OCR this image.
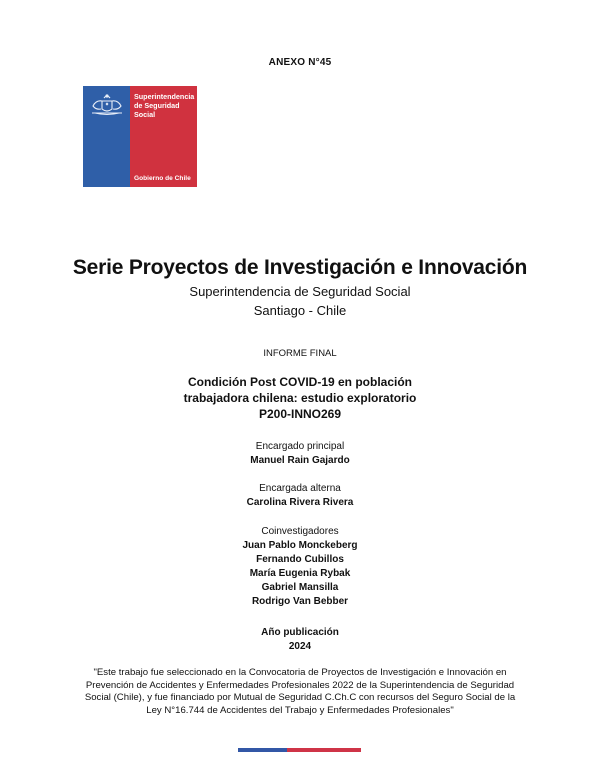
ANEXO N°45
Superintendencia
de Seguridad
Social
Gobierno de Chile
Serie Proyectos de Investigación e Innovación
Superintendencia de Seguridad Social
Santiago - Chile
INFORME FINAL
Condición Post COVID-19 en población
trabajadora chilena: estudio exploratorio
P200-INNO269
Encargado principal
Manuel Rain Gajardo
Encargada alterna
Carolina Rivera Rivera
Coinvestigadores
Juan Pablo Monckeberg
Fernando Cubillos
María Eugenia Rybak
Gabriel Mansilla
Rodrigo Van Bebber
Año publicación
2024
"Este trabajo fue seleccionado en la Convocatoria de Proyectos de Investigación e Innovación en Prevención de Accidentes y Enfermedades Profesionales 2022 de la Superintendencia de Seguridad Social (Chile), y fue financiado por Mutual de Seguridad C.Ch.C con recursos del Seguro Social de la Ley N°16.744 de Accidentes del Trabajo y Enfermedades Profesionales"
